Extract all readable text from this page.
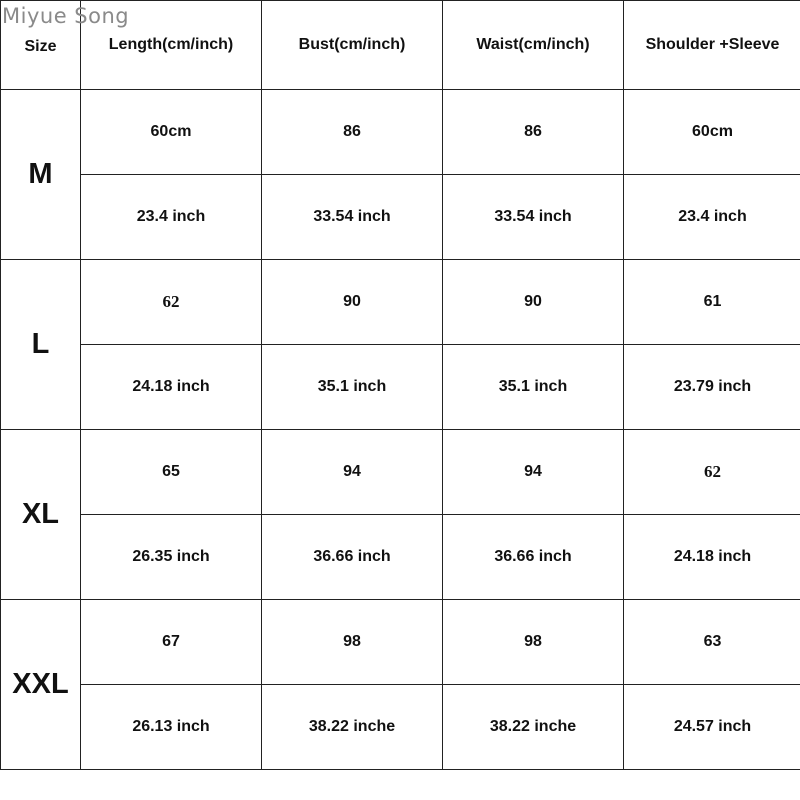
Miyue Song
Size	Length(cm/inch)	Bust(cm/inch)	Waist(cm/inch)	Shoulder +Sleeve
M	60cm	86	86	60cm
	23.4 inch	33.54 inch	33.54 inch	23.4 inch
L	62	90	90	61
	24.18 inch	35.1 inch	35.1 inch	23.79 inch
XL	65	94	94	62
	26.35 inch	36.66 inch	36.66 inch	24.18 inch
XXL	67	98	98	63
	26.13 inch	38.22 inche	38.22 inche	24.57 inch
